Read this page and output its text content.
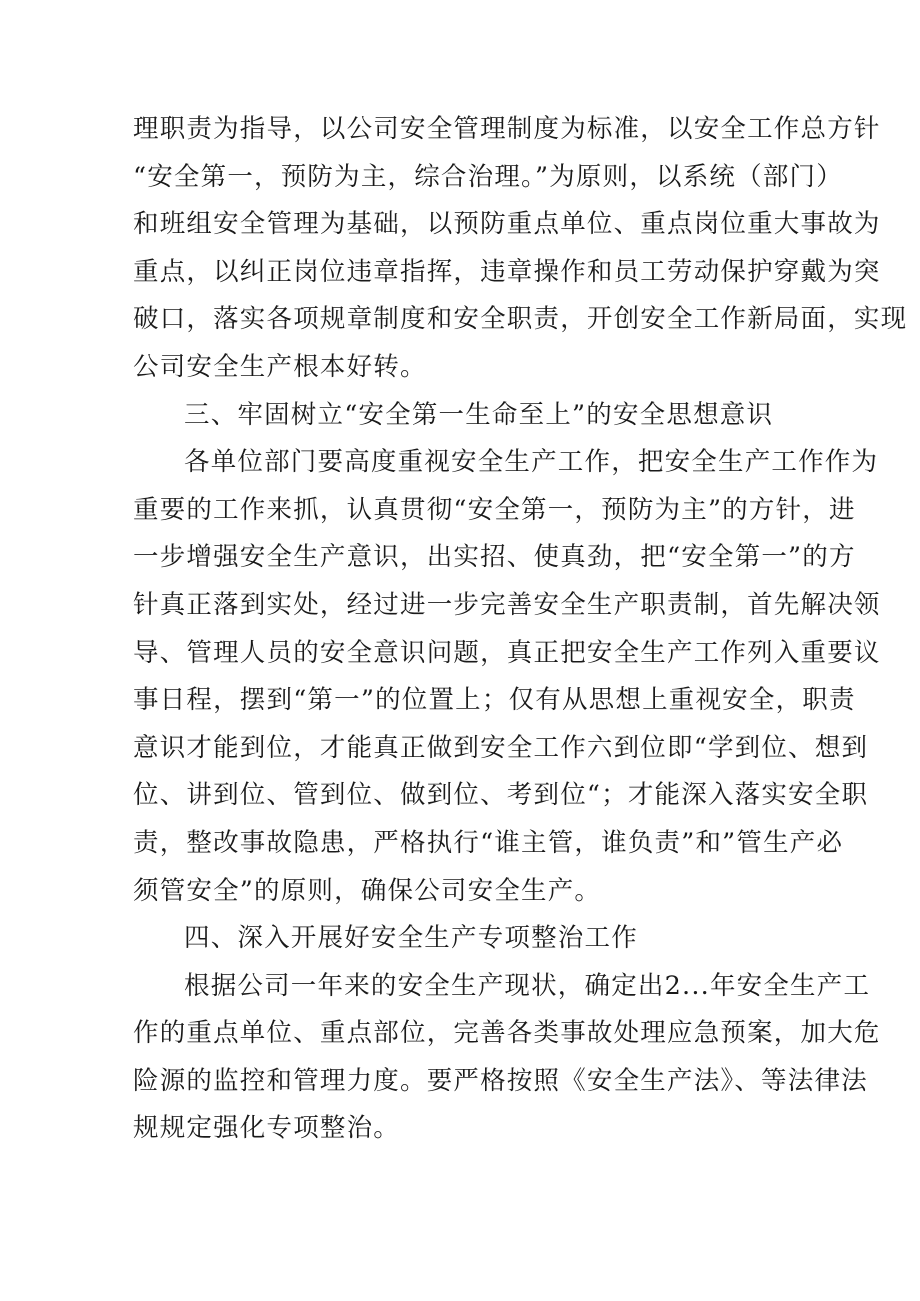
理职责为指导，以公司安全管理制度为标准，以安全工作总方针
“安全第一，预防为主，综合治理。”为原则，以系统（部门）
和班组安全管理为基础，以预防重点单位、重点岗位重大事故为
重点，以纠正岗位违章指挥，违章操作和员工劳动保护穿戴为突
破口，落实各项规章制度和安全职责，开创安全工作新局面，实现
公司安全生产根本好转。
三、牢固树立“安全第一生命至上”的安全思想意识
各单位部门要高度重视安全生产工作，把安全生产工作作为
重要的工作来抓，认真贯彻“安全第一，预防为主”的方针，进
一步增强安全生产意识，出实招、使真劲，把“安全第一”的方
针真正落到实处，经过进一步完善安全生产职责制，首先解决领
导、管理人员的安全意识问题，真正把安全生产工作列入重要议
事日程，摆到“第一”的位置上；仅有从思想上重视安全，职责
意识才能到位，才能真正做到安全工作六到位即“学到位、想到
位、讲到位、管到位、做到位、考到位“；才能深入落实安全职
责，整改事故隐患，严格执行“谁主管，谁负责”和”管生产必
须管安全”的原则，确保公司安全生产。
四、深入开展好安全生产专项整治工作
根据公司一年来的安全生产现状，确定出2...年安全生产工
作的重点单位、重点部位，完善各类事故处理应急预案，加大危
险源的监控和管理力度。要严格按照《安全生产法》、等法律法
规规定强化专项整治。
